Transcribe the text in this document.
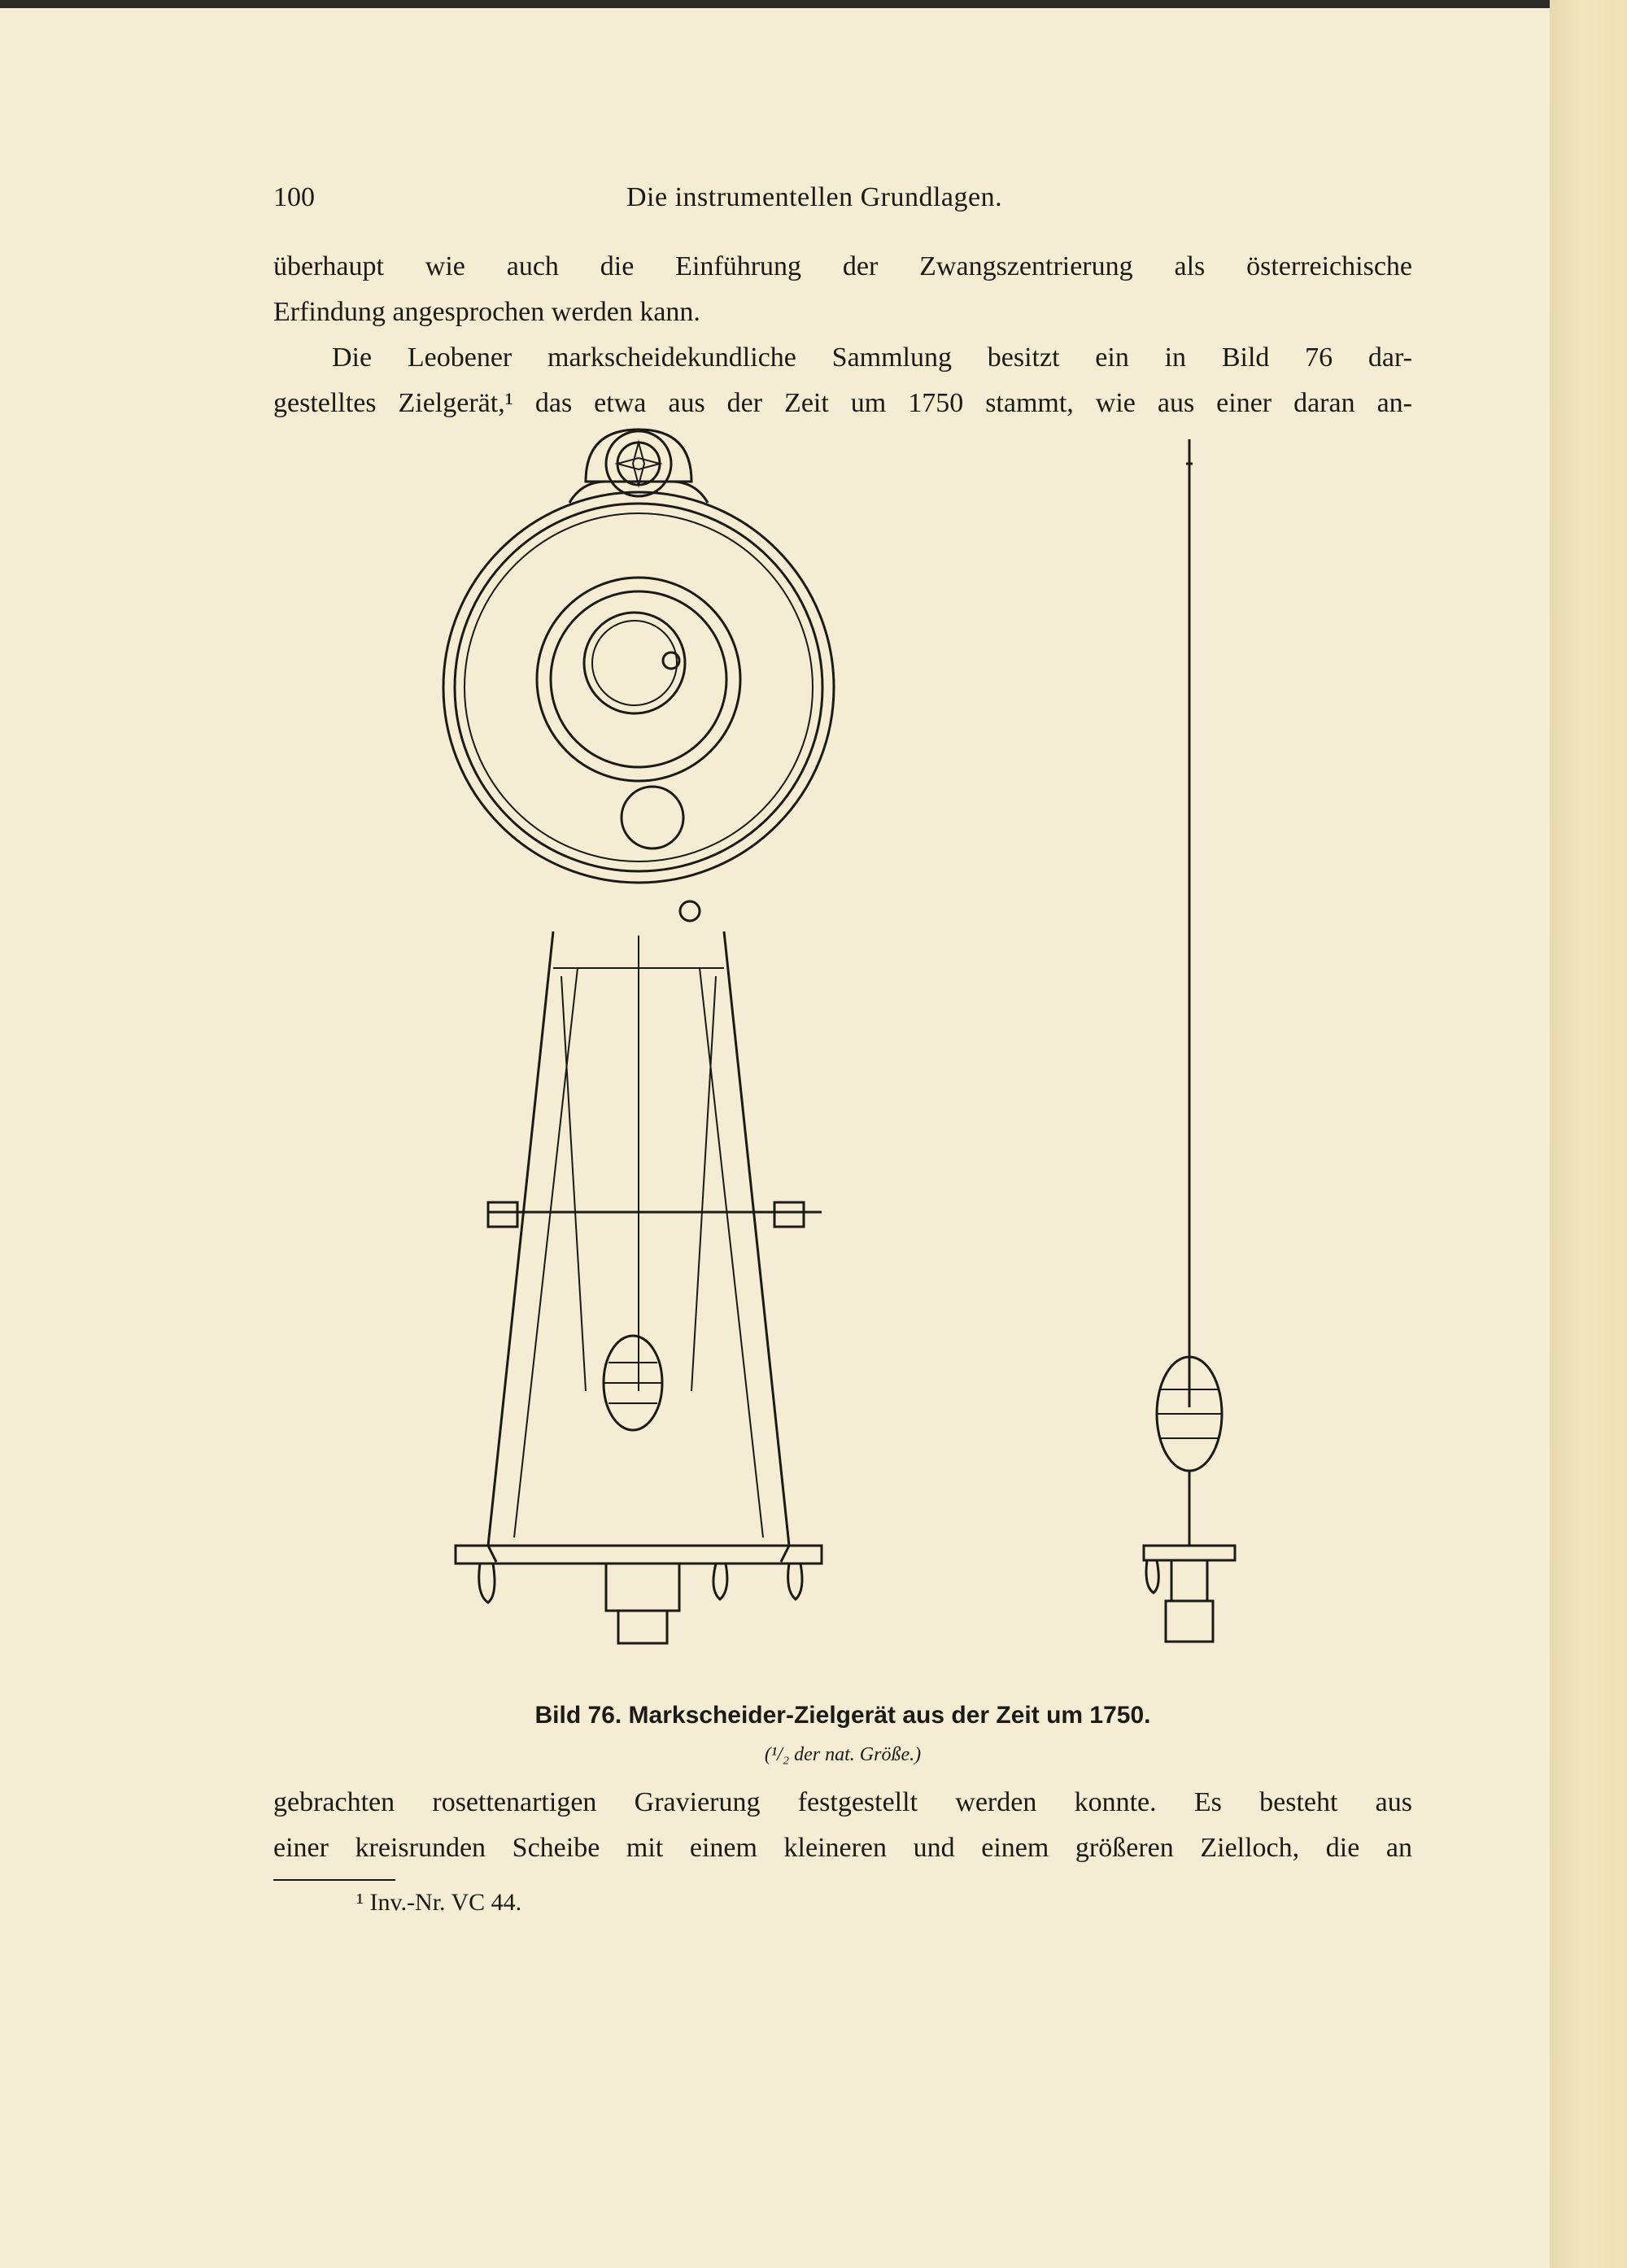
100	Die instrumentellen Grundlagen.

überhaupt wie auch die Einführung der Zwangszentrierung als österreichische
Erfindung angesprochen werden kann.

Die Leobener markscheidekundliche Sammlung besitzt ein in Bild 76 dar-
gestelltes Zielgerät,¹ das etwa aus der Zeit um 1750 stammt, wie aus einer daran an-

Bild 76. Markscheider-Zielgerät aus der Zeit um 1750.
(¹/₂ der nat. Größe.)

gebrachten rosettenartigen Gravierung festgestellt werden konnte. Es besteht aus
einer kreisrunden Scheibe mit einem kleineren und einem größeren Zielloch, die an

¹ Inv.-Nr. VC 44.
